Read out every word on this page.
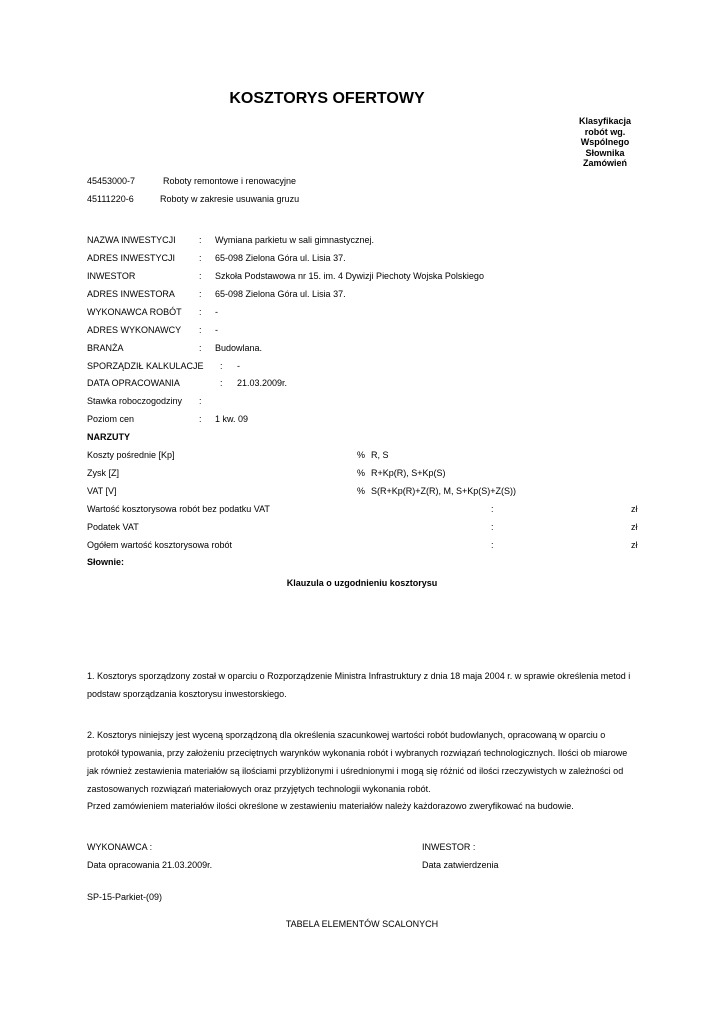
KOSZTORYS OFERTOWY
Klasyfikacja
robót wg.
Wspólnego
Słownika
Zamówień
45453000-7	Roboty remontowe i renowacyjne
45111220-6	Roboty w zakresie usuwania gruzu
NAZWA INWESTYCJI	: Wymiana parkietu w sali gimnastycznej.
ADRES INWESTYCJI	: 65-098 Zielona Góra ul. Lisia 37.
INWESTOR	: Szkoła Podstawowa nr 15. im. 4 Dywizji Piechoty Wojska Polskiego
ADRES INWESTORA	: 65-098 Zielona Góra ul. Lisia 37.
WYKONAWCA ROBÓT : -
ADRES WYKONAWCY : -
BRANŻA	: Budowlana.
SPORZĄDZIŁ KALKULACJE : -
DATA OPRACOWANIA	: 21.03.2009r.
Stawka roboczogodziny :
Poziom cen	: 1 kw. 09
NARZUTY
Koszty pośrednie [Kp]	% R, S
Zysk [Z]	% R+Kp(R), S+Kp(S)
VAT [V]	% S(R+Kp(R)+Z(R), M, S+Kp(S)+Z(S))
Wartość kosztorysowa robót bez podatku VAT	:	zł
Podatek VAT	:	zł
Ogółem wartość kosztorysowa robót	:	zł
Słownie:
Klauzula o uzgodnieniu kosztorysu
1. Kosztorys sporządzony został w oparciu o Rozporządzenie Ministra Infrastruktury z dnia 18 maja 2004 r. w sprawie określenia metod i podstaw sporządzania kosztorysu inwestorskiego.
2. Kosztorys niniejszy jest wyceną sporządzoną dla określenia szacunkowej wartości robót budowlanych, opracowaną w oparciu o protokół typowania, przy założeniu przeciętnych warynków wykonania robót i wybranych rozwiązań technologicznych. Ilości ob miarowe jak również zestawienia materiałów są ilościami przybliżonymi i uśrednionymi i mogą się różnić od ilości rzeczywistych w zależności od zastosowanych rozwiązań materiałowych oraz przyjętych technologii wykonania robót.
Przed zamówieniem materiałów ilości określone w zestawieniu materiałów należy każdorazowo zweryfikować na budowie.
WYKONAWCA :	INWESTOR :
Data opracowania 21.03.2009r.	Data zatwierdzenia
SP-15-Parkiet-(09)
TABELA ELEMENTÓW SCALONYCH
